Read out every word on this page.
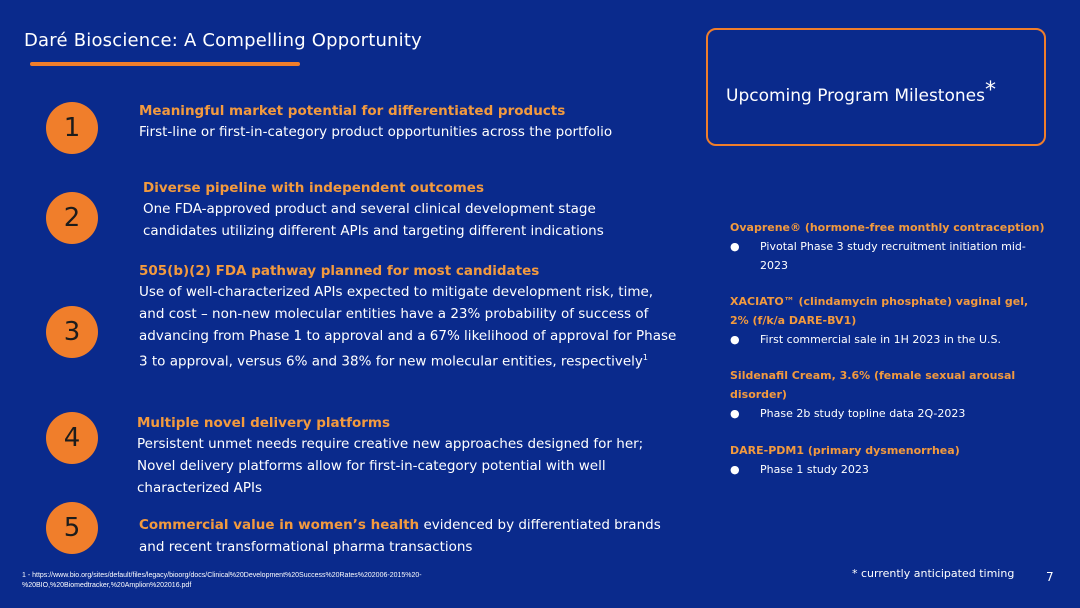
Daré Bioscience: A Compelling Opportunity
1
Meaningful market potential for differentiated products
First-line or first-in-category product opportunities across the portfolio
2
Diverse pipeline with independent outcomes
One FDA-approved product and several clinical development stage candidates utilizing different APIs and targeting different indications
3
505(b)(2) FDA pathway planned for most candidates
Use of well-characterized APIs expected to mitigate development risk, time, and cost – non-new molecular entities have a 23% probability of success of advancing from Phase 1 to approval and a 67% likelihood of approval for Phase 3 to approval, versus 6% and 38% for new molecular entities, respectively$^1$
4	Multiple novel delivery platforms
Persistent unmet needs require creative new approaches designed for her; Novel delivery platforms allow for first-in-category potential with well characterized APIs
5	Commercial value in women’s health evidenced by differentiated brands and recent transformational pharma transactions
Upcoming Program Milestones*
Ovaprene® (hormone-free monthly contraception)
●	Pivotal Phase 3 study recruitment initiation mid-2023
XACIATO™ (clindamycin phosphate) vaginal gel, 2% (f/k/a DARE-BV1)
●	First commercial sale in 1H 2023 in the U.S.
Sildenafil Cream, 3.6% (female sexual arousal disorder)
●	Phase 2b study topline data 2Q-2023
DARE-PDM1 (primary dysmenorrhea)
●	Phase 1 study 2023
1 - https://www.bio.org/sites/default/files/legacy/bioorg/docs/Clinical%20Development%20Success%20Rates%202006-2015%20-%20BIO,%20Biomedtracker,%20Amplion%202016.pdf
* currently anticipated timing	7
